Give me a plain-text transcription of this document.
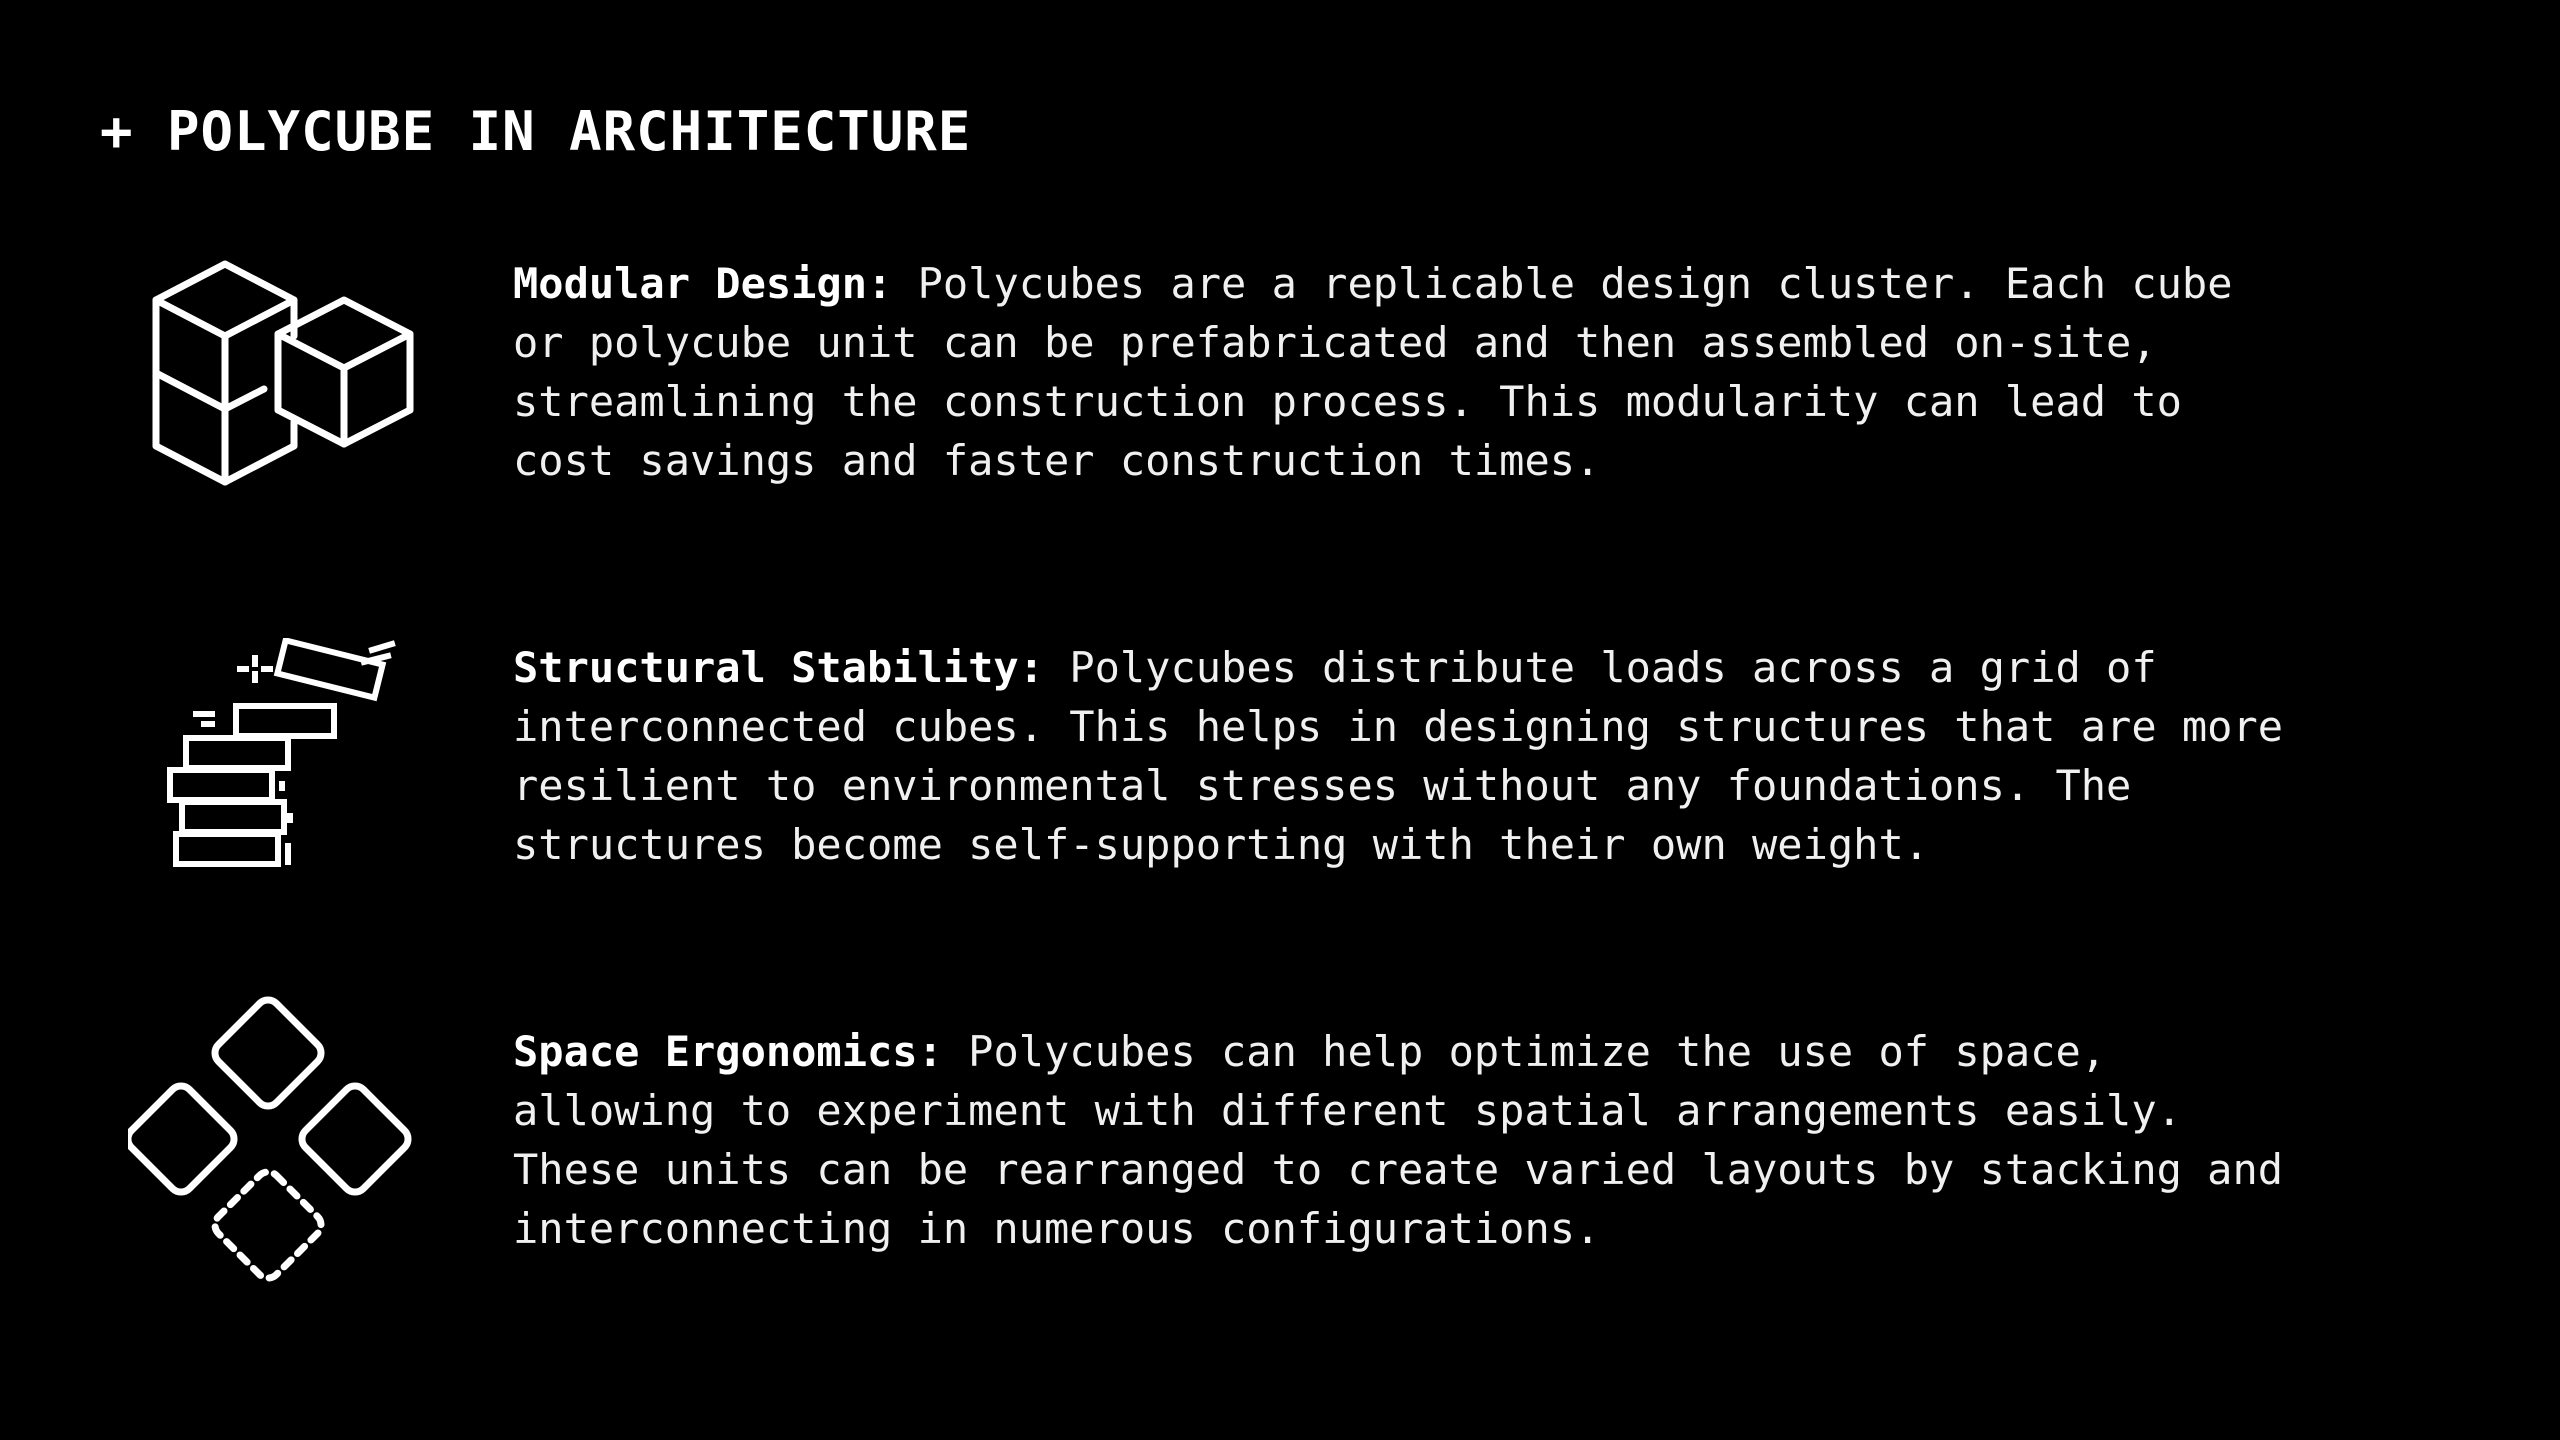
+ POLYCUBE IN ARCHITECTURE

Modular Design: Polycubes are a replicable design cluster. Each cube
or polycube unit can be prefabricated and then assembled on-site,
streamlining the construction process. This modularity can lead to
cost savings and faster construction times.

Structural Stability: Polycubes distribute loads across a grid of
interconnected cubes. This helps in designing structures that are more
resilient to environmental stresses without any foundations. The
structures become self-supporting with their own weight.

Space Ergonomics: Polycubes can help optimize the use of space,
allowing to experiment with different spatial arrangements easily.
These units can be rearranged to create varied layouts by stacking and
interconnecting in numerous configurations.
